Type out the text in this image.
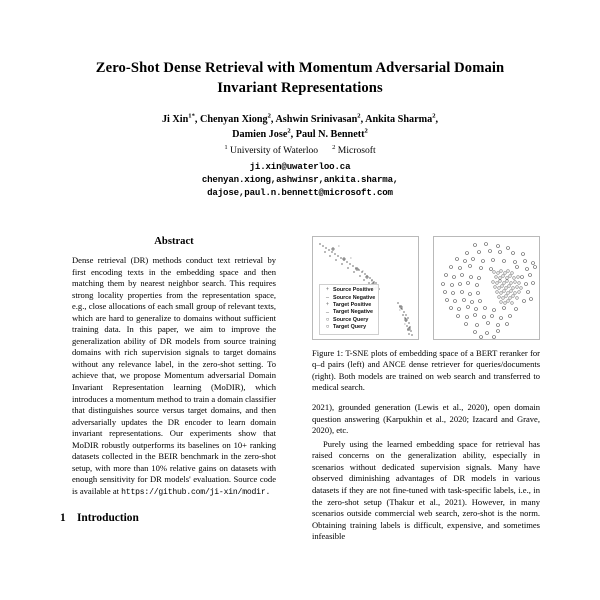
Zero-Shot Dense Retrieval with Momentum Adversarial Domain Invariant Representations
Ji Xin$^{1*}$, Chenyan Xiong$^2$, Ashwin Srinivasan$^2$, Ankita Sharma$^2$,
Damien Jose$^2$, Paul N. Bennett$^2$
$^1$ University of Waterloo $^2$ Microsoft
ji.xin@uwaterloo.ca
chenyan.xiong,ashwinsr,ankita.sharma,
dajose,paul.n.bennett@microsoft.com
Abstract

Dense retrieval (DR) methods conduct text retrieval by first encoding texts in the embedding space and then matching them by nearest neighbor search. This requires strong locality properties from the representation space, e.g., close allocations of each small group of relevant texts, which are hard to generalize to domains without sufficient training data. In this paper, we aim to improve the generalization ability of DR models from source training domains with rich supervision signals to target domains without any relevance label, in the zero-shot setting. To achieve that, we propose Momentum adversarial Domain Invariant Representation learning (MoDIR), which introduces a momentum method to train a domain classifier that distinguishes source versus target domains, and then adversarially updates the DR encoder to learn domain invariant representations. Our experiments show that MoDIR robustly outperforms its baselines on 10+ ranking datasets collected in the BEIR benchmark in the zero-shot setup, with more than 10% relative gains on datasets with enough sensitivity for DR models' evaluation. Source code is available at https://github.com/ji-xin/modir.

1 Introduction
+ Source Positive
– Source Negative
+ Target Positive
– Target Negative
○ Source Query
○ Target Query
Figure 1: T-SNE plots of embedding space of a BERT reranker for q–d pairs (left) and ANCE dense retriever for queries/documents (right). Both models are trained on web search and transferred to medical search.

2021), grounded generation (Lewis et al., 2020), open domain question answering (Karpukhin et al., 2020; Izacard and Grave, 2020), etc.

Purely using the learned embedding space for retrieval has raised concerns on the generalization ability, especially in scenarios without dedicated supervision signals. Many have observed diminishing advantages of DR models in various datasets if they are not fine-tuned with task-specific labels, i.e., in the zero-shot setup (Thakur et al., 2021). However, in many scenarios outside commercial web search, zero-shot is the norm. Obtaining training labels is difficult, expensive, and sometimes infeasible
